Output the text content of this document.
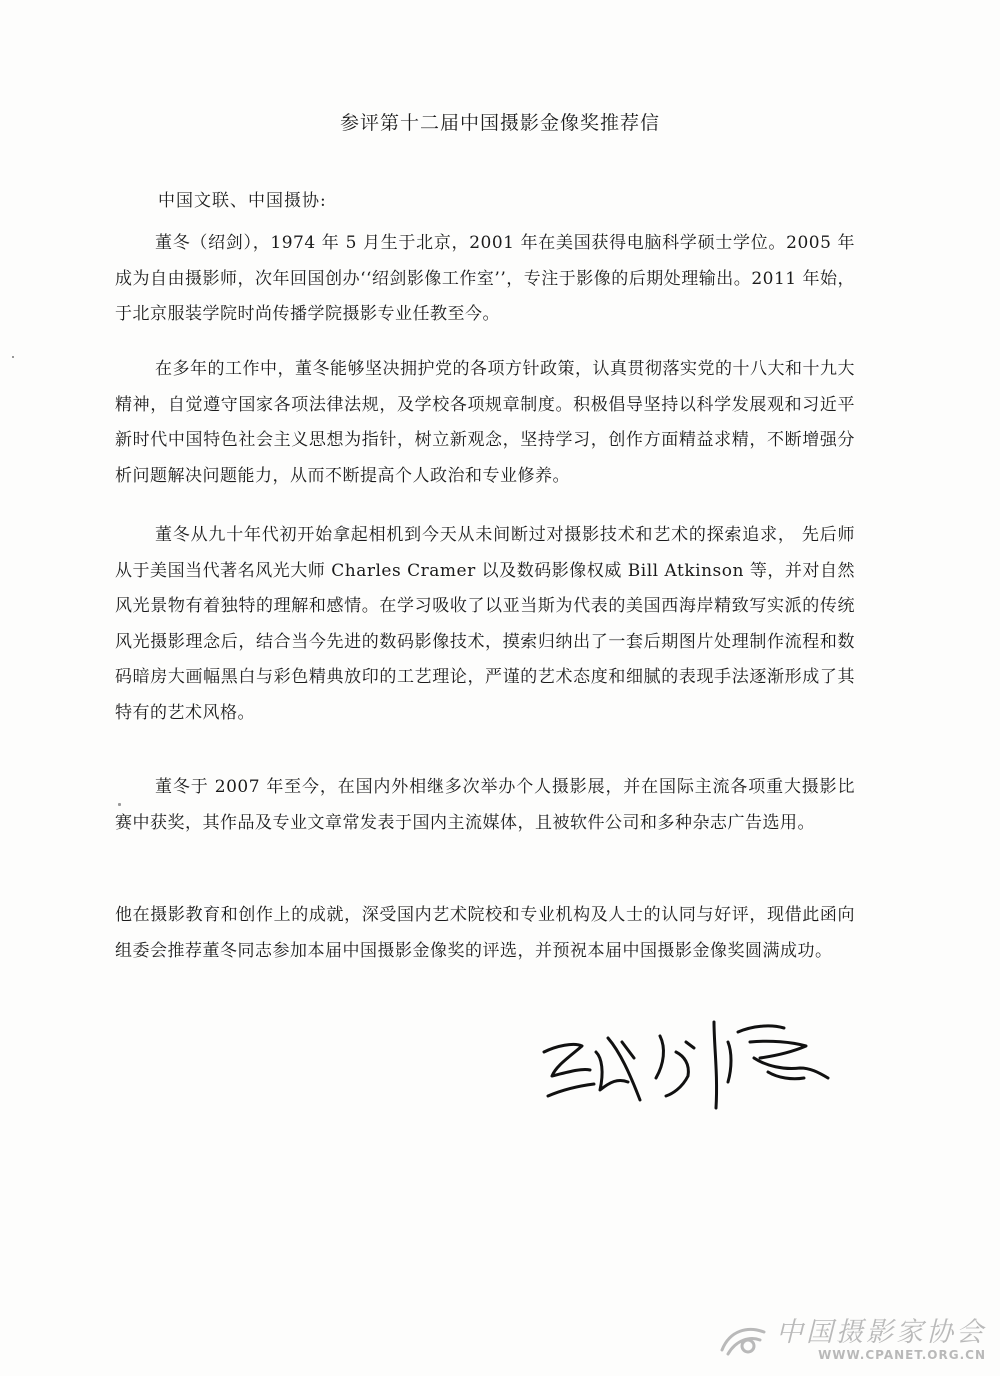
参评第十二届中国摄影金像奖推荐信
中国文联、中国摄协:
董冬（绍剑），1974 年 5 月生于北京，2001 年在美国获得电脑科学硕士学位。2005 年成为自由摄影师，次年回国创办‘‘绍剑影像工作室’’，专注于影像的后期处理输出。2011 年始，于北京服装学院时尚传播学院摄影专业任教至今。
在多年的工作中，董冬能够坚决拥护党的各项方针政策，认真贯彻落实党的十八大和十九大精神，自觉遵守国家各项法律法规，及学校各项规章制度。积极倡导坚持以科学发展观和习近平新时代中国特色社会主义思想为指针，树立新观念，坚持学习，创作方面精益求精，不断增强分析问题解决问题能力，从而不断提高个人政治和专业修养。
董冬从九十年代初开始拿起相机到今天从未间断过对摄影技术和艺术的探索追求， 先后师从于美国当代著名风光大师 Charles Cramer 以及数码影像权威 Bill Atkinson 等，并对自然风光景物有着独特的理解和感情。在学习吸收了以亚当斯为代表的美国西海岸精致写实派的传统风光摄影理念后，结合当今先进的数码影像技术，摸索归纳出了一套后期图片处理制作流程和数码暗房大画幅黑白与彩色精典放印的工艺理论，严谨的艺术态度和细腻的表现手法逐渐形成了其特有的艺术风格。
董冬于 2007 年至今，在国内外相继多次举办个人摄影展，并在国际主流各项重大摄影比赛中获奖，其作品及专业文章常发表于国内主流媒体，且被软件公司和多种杂志广告选用。
他在摄影教育和创作上的成就，深受国内艺术院校和专业机构及人士的认同与好评，现借此函向组委会推荐董冬同志参加本届中国摄影金像奖的评选，并预祝本届中国摄影金像奖圆满成功。
中国摄影家协会
WWW.CPANET.ORG.CN
